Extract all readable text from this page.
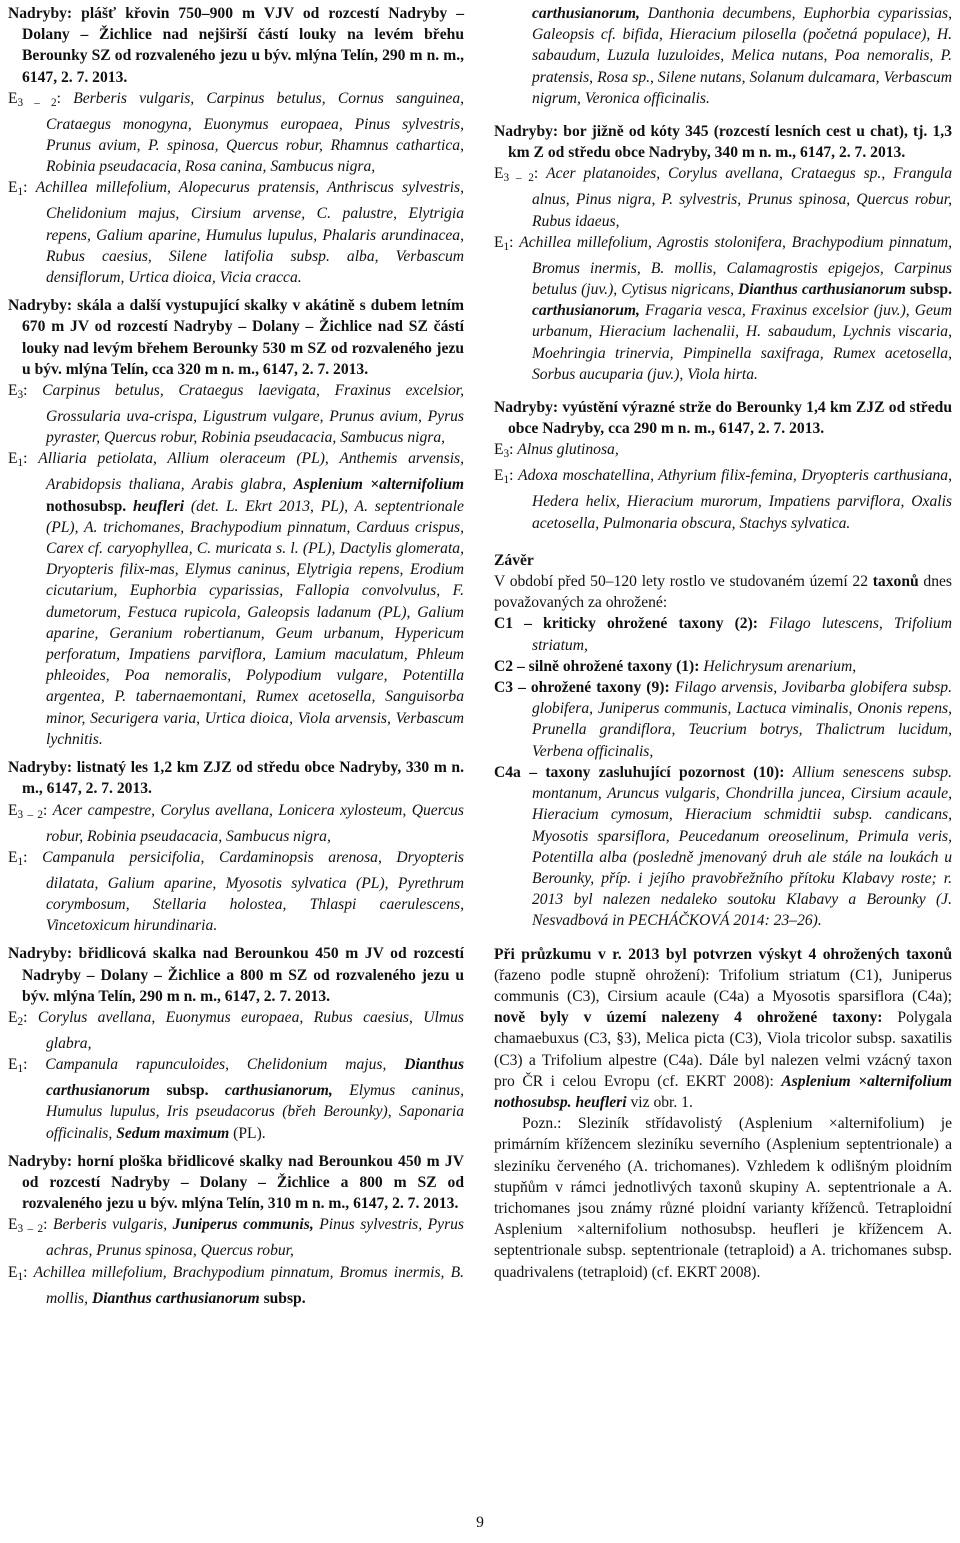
Nadryby: plášť křovin 750–900 m VJV od rozcestí Nadryby – Dolany – Žichlice nad nejširší částí louky na levém břehu Berounky SZ od rozvaleného jezu u býv. mlýna Telín, 290 m n. m., 6147, 2. 7. 2013.

$E_{3 - 2}$: Berberis vulgaris, Carpinus betulus, Cornus sanguinea, Crataegus monogyna, Euonymus europaea, Pinus sylvestris, Prunus avium, P. spinosa, Quercus robur, Rhamnus cathartica, Robinia pseudacacia, Rosa canina, Sambucus nigra,

$E_1$: Achillea millefolium, Alopecurus pratensis, Anthriscus sylvestris, Chelidonium majus, Cirsium arvense, C. palustre, Elytrigia repens, Galium aparine, Humulus lupulus, Phalaris arundinacea, Rubus caesius, Silene latifolia subsp. alba, Verbascum densiflorum, Urtica dioica, Vicia cracca.

Nadryby: skála a další vystupující skalky v akátině s dubem letním 670 m JV od rozcestí Nadryby – Dolany – Žichlice nad SZ částí louky nad levým břehem Berounky 530 m SZ od rozvaleného jezu u býv. mlýna Telín, cca 320 m n. m., 6147, 2. 7. 2013.

$E_3$: Carpinus betulus, Crataegus laevigata, Fraxinus excelsior, Grossularia uva-crispa, Ligustrum vulgare, Prunus avium, Pyrus pyraster, Quercus robur, Robinia pseudacacia, Sambucus nigra,

$E_1$: Alliaria petiolata, Allium oleraceum (PL), Anthemis arvensis, Arabidopsis thaliana, Arabis glabra, Asplenium ×alternifolium nothosubsp. heufleri (det. L. Ekrt 2013, PL), A. septentrionale (PL), A. trichomanes, Brachypodium pinnatum, Carduus crispus, Carex cf. caryophyllea, C. muricata s. l. (PL), Dactylis glomerata, Dryopteris filix-mas, Elymus caninus, Elytrigia repens, Erodium cicutarium, Euphorbia cyparissias, Fallopia convolvulus, F. dumetorum, Festuca rupicola, Galeopsis ladanum (PL), Galium aparine, Geranium robertianum, Geum urbanum, Hypericum perforatum, Impatiens parviflora, Lamium maculatum, Phleum phleoides, Poa nemoralis, Polypodium vulgare, Potentilla argentea, P. tabernaemontani, Rumex acetosella, Sanguisorba minor, Securigera varia, Urtica dioica, Viola arvensis, Verbascum lychnitis.

Nadryby: listnatý les 1,2 km ZJZ od středu obce Nadryby, 330 m n. m., 6147, 2. 7. 2013.

$E_{3 - 2}$: Acer campestre, Corylus avellana, Lonicera xylosteum, Quercus robur, Robinia pseudacacia, Sambucus nigra,

$E_1$: Campanula persicifolia, Cardaminopsis arenosa, Dryopteris dilatata, Galium aparine, Myosotis sylvatica (PL), Pyrethrum corymbosum, Stellaria holostea, Thlaspi caerulescens, Vincetoxicum hirundinaria.

Nadryby: břidlicová skalka nad Berounkou 450 m JV od rozcestí Nadryby – Dolany – Žichlice a 800 m SZ od rozvaleného jezu u býv. mlýna Telín, 290 m n. m., 6147, 2. 7. 2013.

$E_2$: Corylus avellana, Euonymus europaea, Rubus caesius, Ulmus glabra,

$E_1$: Campanula rapunculoides, Chelidonium majus, Dianthus carthusianorum subsp. carthusianorum, Elymus caninus, Humulus lupulus, Iris pseudacorus (břeh Berounky), Saponaria officinalis, Sedum maximum (PL).

Nadryby: horní ploška břidlicové skalky nad Berounkou 450 m JV od rozcestí Nadryby – Dolany – Žichlice a 800 m SZ od rozvaleného jezu u býv. mlýna Telín, 310 m n. m., 6147, 2. 7. 2013.

$E_{3 - 2}$: Berberis vulgaris, Juniperus communis, Pinus sylvestris, Pyrus achras, Prunus spinosa, Quercus robur,

$E_1$: Achillea millefolium, Brachypodium pinnatum, Bromus inermis, B. mollis, Dianthus carthusianorum subsp.

carthusianorum, Danthonia decumbens, Euphorbia cyparissias, Galeopsis cf. bifida, Hieracium pilosella (početná populace), H. sabaudum, Luzula luzuloides, Melica nutans, Poa nemoralis, P. pratensis, Rosa sp., Silene nutans, Solanum dulcamara, Verbascum nigrum, Veronica officinalis.

Nadryby: bor jižně od kóty 345 (rozcestí lesních cest u chat), tj. 1,3 km Z od středu obce Nadryby, 340 m n. m., 6147, 2. 7. 2013.

$E_{3 - 2}$: Acer platanoides, Corylus avellana, Crataegus sp., Frangula alnus, Pinus nigra, P. sylvestris, Prunus spinosa, Quercus robur, Rubus idaeus,

$E_1$: Achillea millefolium, Agrostis stolonifera, Brachypodium pinnatum, Bromus inermis, B. mollis, Calamagrostis epigejos, Carpinus betulus (juv.), Cytisus nigricans, Dianthus carthusianorum subsp. carthusianorum, Fragaria vesca, Fraxinus excelsior (juv.), Geum urbanum, Hieracium lachenalii, H. sabaudum, Lychnis viscaria, Moehringia trinervia, Pimpinella saxifraga, Rumex acetosella, Sorbus aucuparia (juv.), Viola hirta.

Nadryby: vyústění výrazné strže do Berounky 1,4 km ZJZ od středu obce Nadryby, cca 290 m n. m., 6147, 2. 7. 2013.

$E_3$: Alnus glutinosa,

$E_1$: Adoxa moschatellina, Athyrium filix-femina, Dryopteris carthusiana, Hedera helix, Hieracium murorum, Impatiens parviflora, Oxalis acetosella, Pulmonaria obscura, Stachys sylvatica.

Závěr

V období před 50–120 lety rostlo ve studovaném území 22 taxonů dnes považovaných za ohrožené:

C1 – kriticky ohrožené taxony (2): Filago lutescens, Trifolium striatum,

C2 – silně ohrožené taxony (1): Helichrysum arenarium,

C3 – ohrožené taxony (9): Filago arvensis, Jovibarba globifera subsp. globifera, Juniperus communis, Lactuca viminalis, Ononis repens, Prunella grandiflora, Teucrium botrys, Thalictrum lucidum, Verbena officinalis,

C4a – taxony zasluhující pozornost (10): Allium senescens subsp. montanum, Aruncus vulgaris, Chondrilla juncea, Cirsium acaule, Hieracium cymosum, Hieracium schmidtii subsp. candicans, Myosotis sparsiflora, Peucedanum oreoselinum, Primula veris, Potentilla alba (posledně jmenovaný druh ale stále na loukách u Berounky, příp. i jejího pravobřežního přítoku Klabavy roste; r. 2013 byl nalezen nedaleko soutoku Klabavy a Berounky (J. Nesvadbová in PECHÁČKOVÁ 2014: 23–26).

Při průzkumu v r. 2013 byl potvrzen výskyt 4 ohrožených taxonů (řazeno podle stupně ohrožení): Trifolium striatum (C1), Juniperus communis (C3), Cirsium acaule (C4a) a Myosotis sparsiflora (C4a); nově byly v území nalezeny 4 ohrožené taxony: Polygala chamaebuxus (C3, §3), Melica picta (C3), Viola tricolor subsp. saxatilis (C3) a Trifolium alpestre (C4a). Dále byl nalezen velmi vzácný taxon pro ČR i celou Evropu (cf. EKRT 2008): Asplenium ×alternifolium nothosubsp. heufleri viz obr. 1.

Pozn.: Sleziník střídavolistý (Asplenium ×alternifolium) je primárním křížencem sleziníku severního (Asplenium septentrionale) a sleziníku červeného (A. trichomanes). Vzhledem k odlišným ploidním stupňům v rámci jednotlivých taxonů skupiny A. septentrionale a A. trichomanes jsou známy různé ploidní varianty kříženců. Tetraploidní Asplenium ×alternifolium nothosubsp. heufleri je křížencem A. septentrionale subsp. septentrionale (tetraploid) a A. trichomanes subsp. quadrivalens (tetraploid) (cf. EKRT 2008).

9
